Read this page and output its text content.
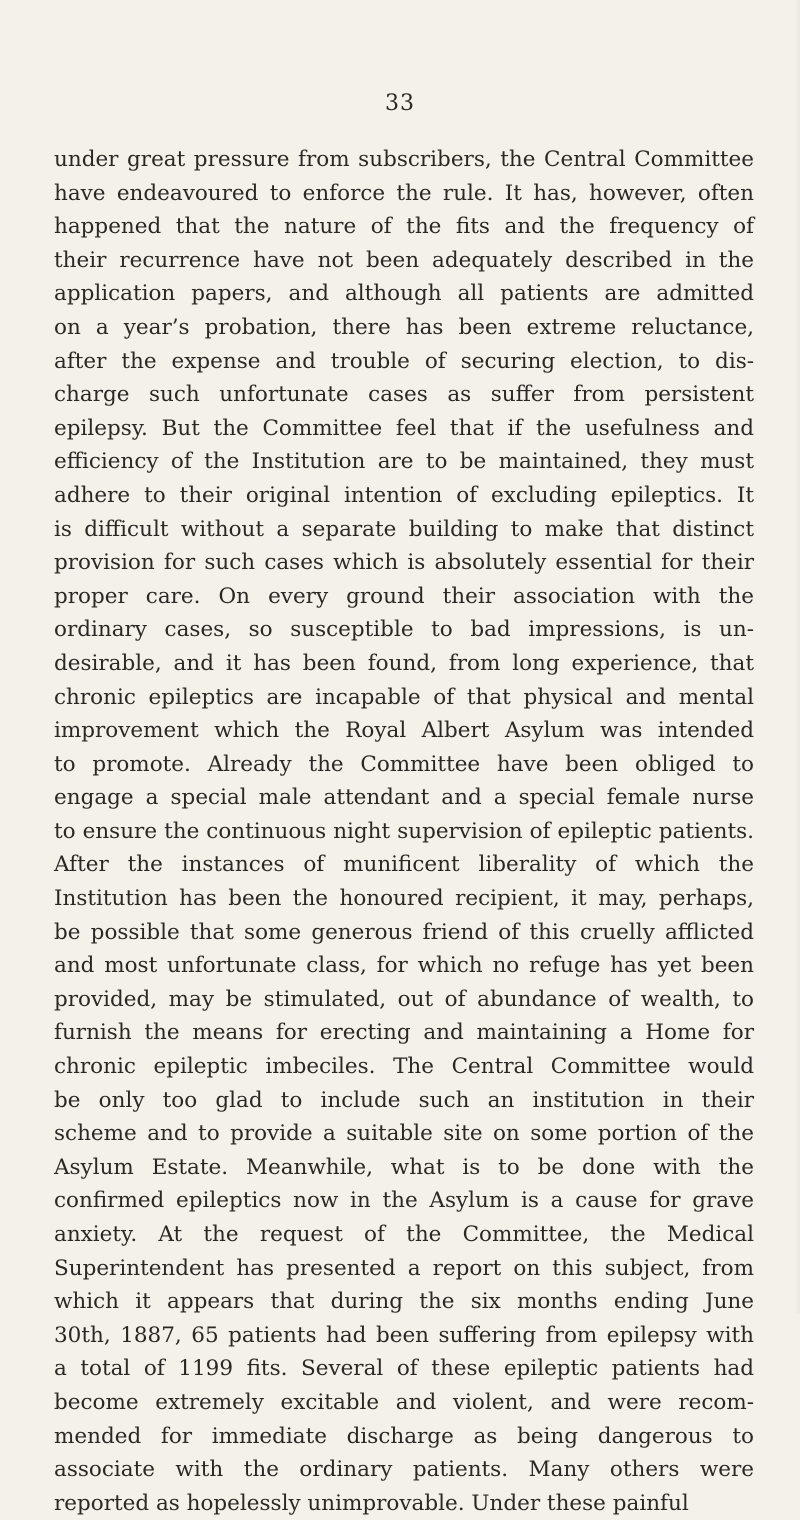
33
under great pressure from subscribers, the Central Committee
have endeavoured to enforce the rule. It has, however, often
happened that the nature of the fits and the frequency of
their recurrence have not been adequately described in the
application papers, and although all patients are admitted
on a year’s probation, there has been extreme reluctance,
after the expense and trouble of securing election, to dis-
charge such unfortunate cases as suffer from persistent
epilepsy. But the Committee feel that if the usefulness and
efficiency of the Institution are to be maintained, they must
adhere to their original intention of excluding epileptics. It
is difficult without a separate building to make that distinct
provision for such cases which is absolutely essential for their
proper care. On every ground their association with the
ordinary cases, so susceptible to bad impressions, is un-
desirable, and it has been found, from long experience, that
chronic epileptics are incapable of that physical and mental
improvement which the Royal Albert Asylum was intended
to promote. Already the Committee have been obliged to
engage a special male attendant and a special female nurse
to ensure the continuous night supervision of epileptic patients.
After the instances of munificent liberality of which the
Institution has been the honoured recipient, it may, perhaps,
be possible that some generous friend of this cruelly afflicted
and most unfortunate class, for which no refuge has yet been
provided, may be stimulated, out of abundance of wealth, to
furnish the means for erecting and maintaining a Home for
chronic epileptic imbeciles. The Central Committee would
be only too glad to include such an institution in their
scheme and to provide a suitable site on some portion of the
Asylum Estate. Meanwhile, what is to be done with the
confirmed epileptics now in the Asylum is a cause for grave
anxiety. At the request of the Committee, the Medical
Superintendent has presented a report on this subject, from
which it appears that during the six months ending June
30th, 1887, 65 patients had been suffering from epilepsy with
a total of 1199 fits. Several of these epileptic patients had
become extremely excitable and violent, and were recom-
mended for immediate discharge as being dangerous to
associate with the ordinary patients. Many others were
reported as hopelessly unimprovable. Under these painful
